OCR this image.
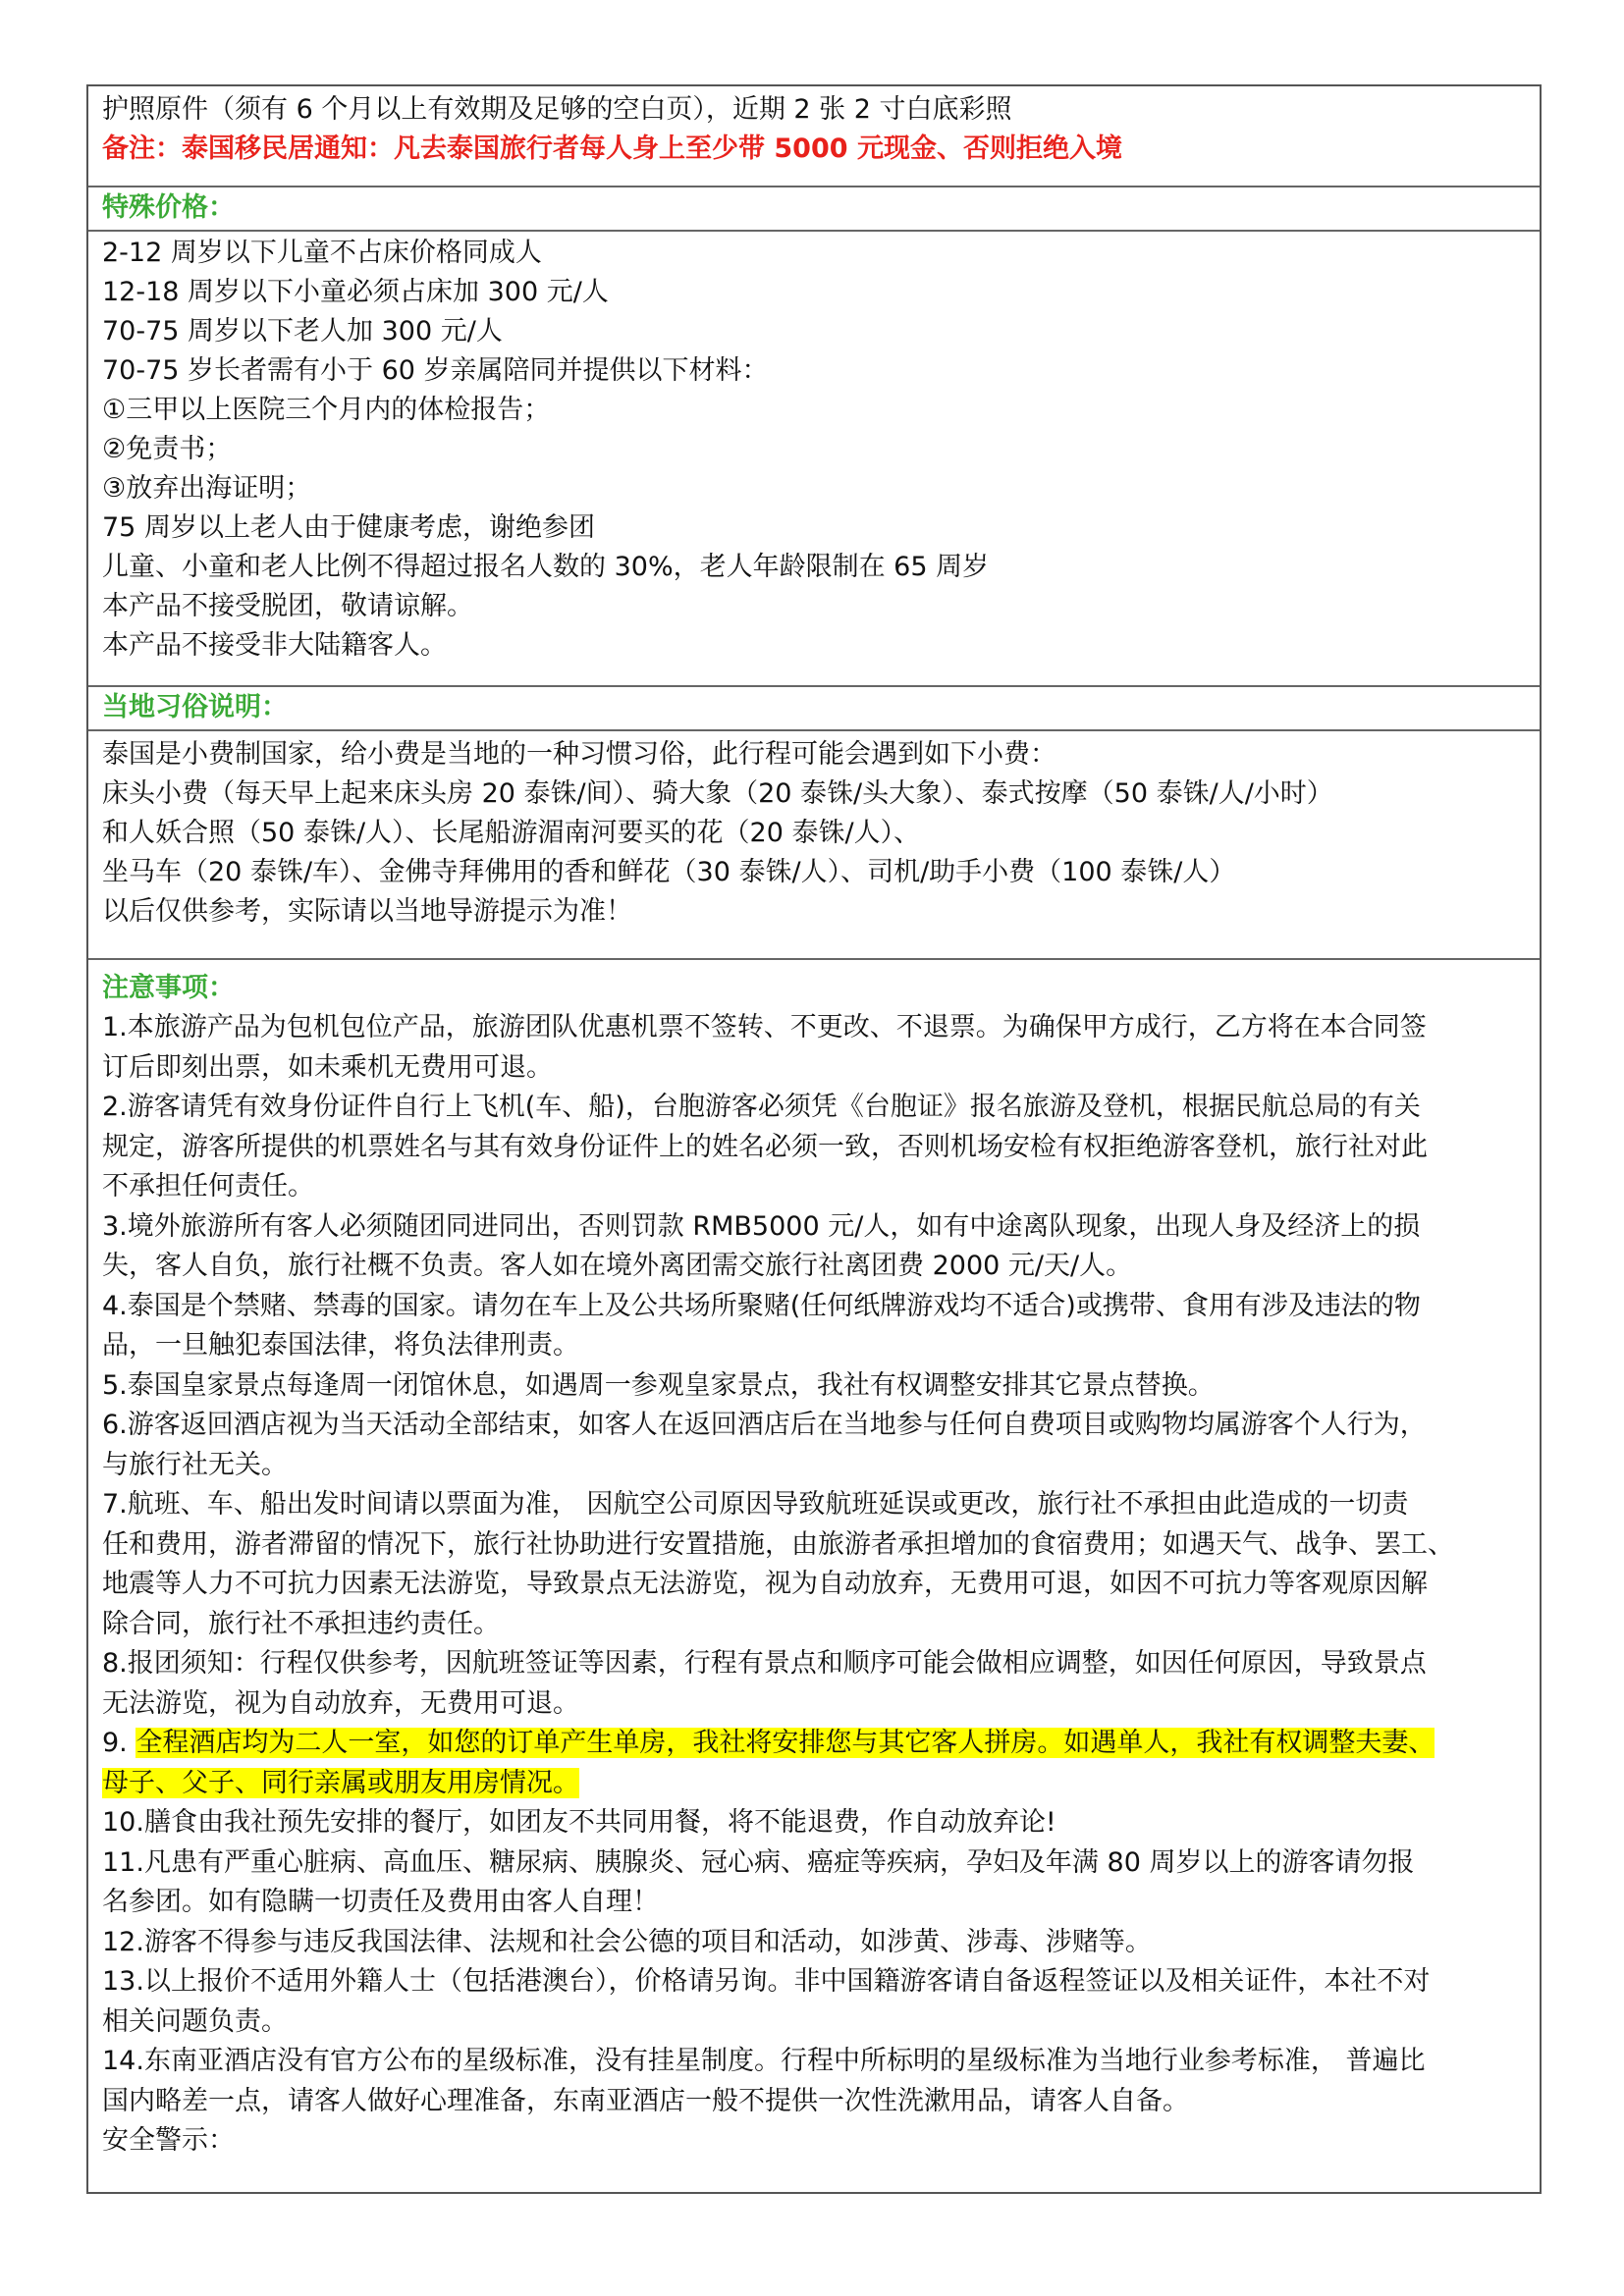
护照原件（须有 6 个月以上有效期及足够的空白页），近期 2 张 2 寸白底彩照
备注：泰国移民居通知：凡去泰国旅行者每人身上至少带 5000 元现金、否则拒绝入境
特殊价格：
2-12 周岁以下儿童不占床价格同成人
12-18 周岁以下小童必须占床加 300 元/人
70-75 周岁以下老人加 300 元/人
70-75 岁长者需有小于 60 岁亲属陪同并提供以下材料：
①三甲以上医院三个月内的体检报告；
②免责书；
③放弃出海证明；
75 周岁以上老人由于健康考虑，谢绝参团
儿童、小童和老人比例不得超过报名人数的 30%，老人年龄限制在 65 周岁
本产品不接受脱团，敬请谅解。
本产品不接受非大陆籍客人。
当地习俗说明：
泰国是小费制国家，给小费是当地的一种习惯习俗，此行程可能会遇到如下小费：
床头小费（每天早上起来床头房 20 泰铢/间）、骑大象（20 泰铢/头大象）、泰式按摩（50 泰铢/人/小时）
和人妖合照（50 泰铢/人）、长尾船游湄南河要买的花（20 泰铢/人）、
坐马车（20 泰铢/车）、金佛寺拜佛用的香和鲜花（30 泰铢/人）、司机/助手小费（100 泰铢/人）
以后仅供参考，实际请以当地导游提示为准！
注意事项：
1.本旅游产品为包机包位产品，旅游团队优惠机票不签转、不更改、不退票。为确保甲方成行，乙方将在本合同签
订后即刻出票，如未乘机无费用可退。
2.游客请凭有效身份证件自行上飞机(车、船)，台胞游客必须凭《台胞证》报名旅游及登机，根据民航总局的有关
规定，游客所提供的机票姓名与其有效身份证件上的姓名必须一致，否则机场安检有权拒绝游客登机，旅行社对此
不承担任何责任。
3.境外旅游所有客人必须随团同进同出，否则罚款 RMB5000 元/人，如有中途离队现象，出现人身及经济上的损
失，客人自负，旅行社概不负责。客人如在境外离团需交旅行社离团费 2000 元/天/人。
4.泰国是个禁赌、禁毒的国家。请勿在车上及公共场所聚赌(任何纸牌游戏均不适合)或携带、食用有涉及违法的物
品，一旦触犯泰国法律，将负法律刑责。
5.泰国皇家景点每逢周一闭馆休息，如遇周一参观皇家景点，我社有权调整安排其它景点替换。
6.游客返回酒店视为当天活动全部结束，如客人在返回酒店后在当地参与任何自费项目或购物均属游客个人行为，
与旅行社无关。
7.航班、车、船出发时间请以票面为准， 因航空公司原因导致航班延误或更改，旅行社不承担由此造成的一切责
任和费用，游者滞留的情况下，旅行社协助进行安置措施，由旅游者承担增加的食宿费用；如遇天气、战争、罢工、
地震等人力不可抗力因素无法游览，导致景点无法游览，视为自动放弃，无费用可退，如因不可抗力等客观原因解
除合同，旅行社不承担违约责任。
8.报团须知：行程仅供参考，因航班签证等因素，行程有景点和顺序可能会做相应调整，如因任何原因，导致景点
无法游览，视为自动放弃，无费用可退。
9. 全程酒店均为二人一室，如您的订单产生单房，我社将安排您与其它客人拼房。如遇单人，我社有权调整夫妻、
母子、父子、同行亲属或朋友用房情况。
10.膳食由我社预先安排的餐厅，如团友不共同用餐，将不能退费，作自动放弃论!
11.凡患有严重心脏病、高血压、糖尿病、胰腺炎、冠心病、癌症等疾病，孕妇及年满 80 周岁以上的游客请勿报
名参团。如有隐瞒一切责任及费用由客人自理！
12.游客不得参与违反我国法律、法规和社会公德的项目和活动，如涉黄、涉毒、涉赌等。
13.以上报价不适用外籍人士（包括港澳台），价格请另询。非中国籍游客请自备返程签证以及相关证件，本社不对
相关问题负责。
14.东南亚酒店没有官方公布的星级标准，没有挂星制度。行程中所标明的星级标准为当地行业参考标准， 普遍比
国内略差一点，请客人做好心理准备，东南亚酒店一般不提供一次性洗漱用品，请客人自备。
安全警示：
